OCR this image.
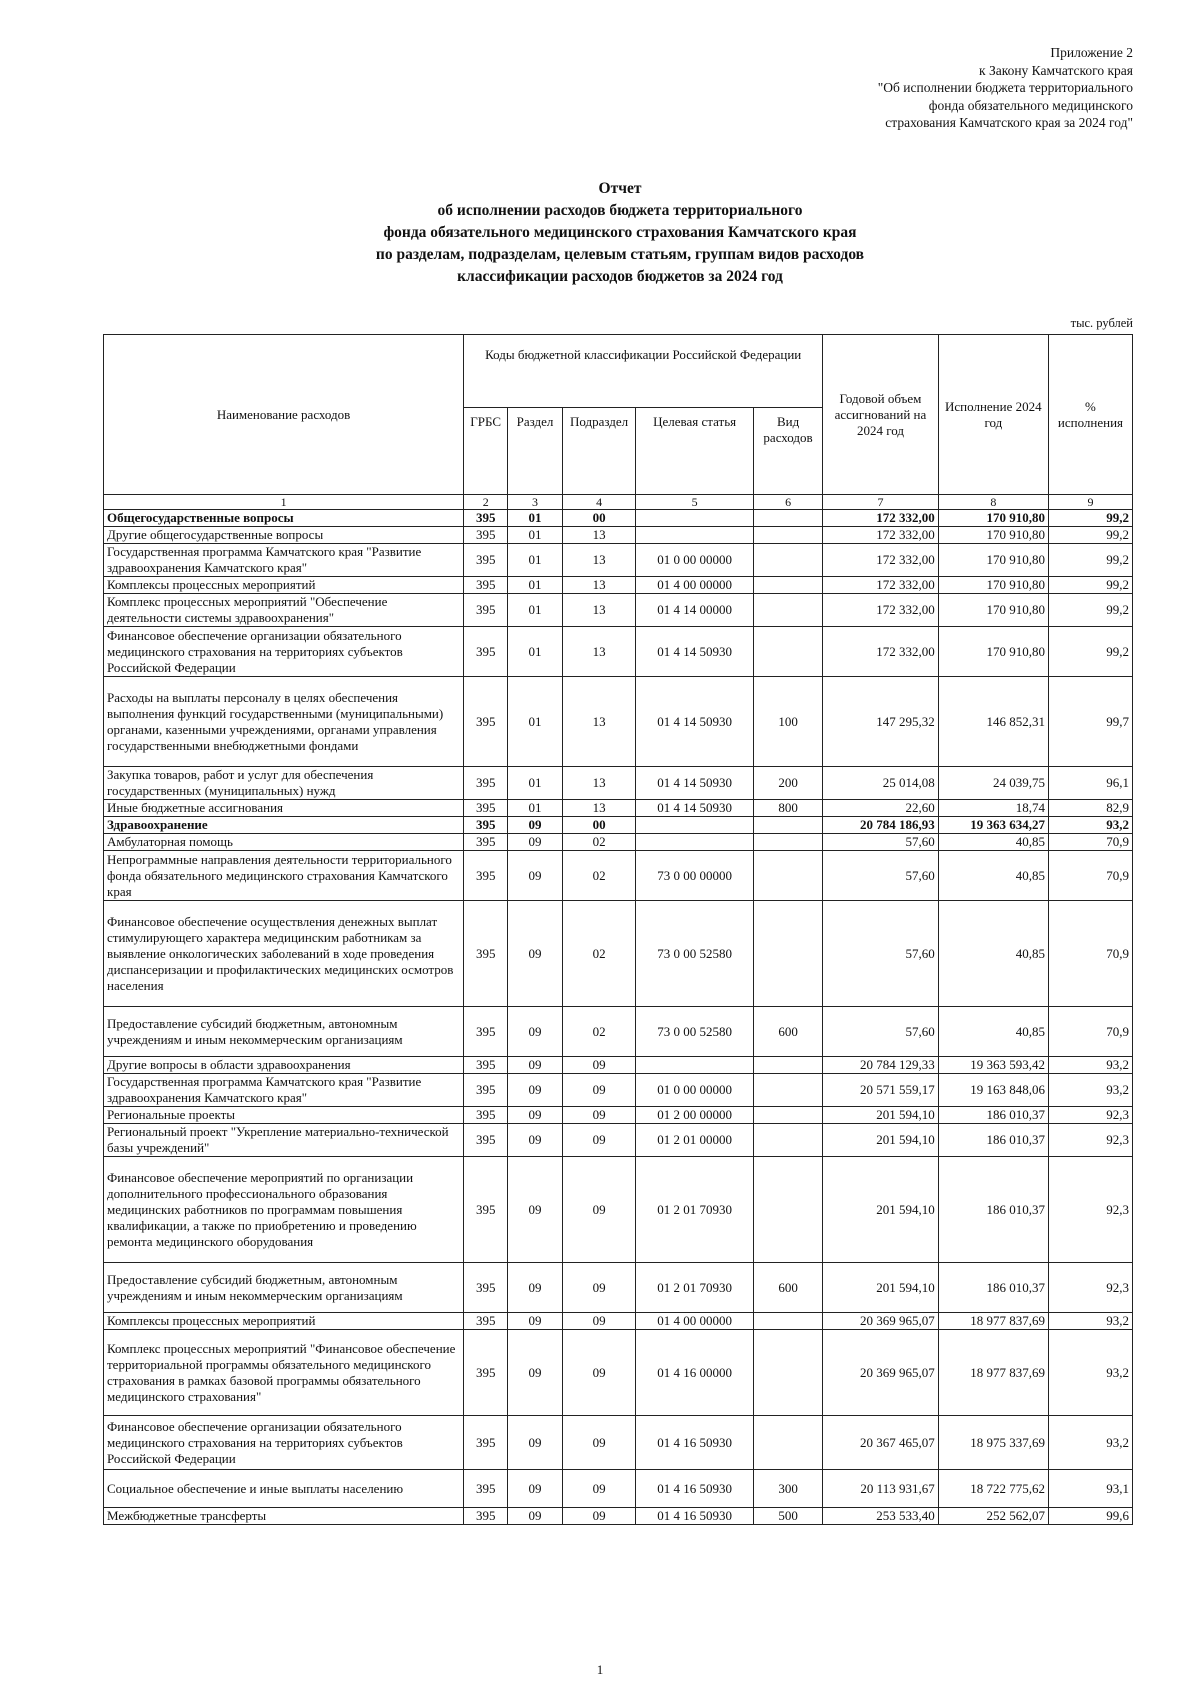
Приложение 2
к Закону Камчатского края
"Об исполнении бюджета территориального
фонда обязательного медицинского
страхования Камчатского края за 2024 год"
Отчет
об исполнении расходов бюджета территориального
фонда обязательного медицинского страхования Камчатского края
по разделам, подразделам, целевым статьям, группам видов расходов
классификации расходов бюджетов за 2024 год
тыс. рублей
Наименование расходов	Коды бюджетной классификации Российской Федерации					Годовой объем ассигнований на 2024 год	Исполнение 2024 год	% исполнения
	ГРБС	Раздел	Подраздел	Целевая статья	Вид расходов			
1	2	3	4	5	6	7	8	9
Общегосударственные вопросы	395	01	00			172 332,00	170 910,80	99,2
Другие общегосударственные вопросы	395	01	13			172 332,00	170 910,80	99,2
Государственная программа Камчатского края "Развитие здравоохранения Камчатского края"	395	01	13	01 0 00 00000		172 332,00	170 910,80	99,2
Комплексы процессных мероприятий	395	01	13	01 4 00 00000		172 332,00	170 910,80	99,2
Комплекс процессных мероприятий "Обеспечение деятельности системы здравоохранения"	395	01	13	01 4 14 00000		172 332,00	170 910,80	99,2
Финансовое обеспечение организации обязательного медицинского страхования на территориях субъектов Российской Федерации	395	01	13	01 4 14 50930		172 332,00	170 910,80	99,2
Расходы на выплаты персоналу в целях обеспечения выполнения функций государственными (муниципальными) органами, казенными учреждениями, органами управления государственными внебюджетными фондами	395	01	13	01 4 14 50930	100	147 295,32	146 852,31	99,7
Закупка товаров, работ и услуг для обеспечения государственных (муниципальных) нужд	395	01	13	01 4 14 50930	200	25 014,08	24 039,75	96,1
Иные бюджетные ассигнования	395	01	13	01 4 14 50930	800	22,60	18,74	82,9
Здравоохранение	395	09	00			20 784 186,93	19 363 634,27	93,2
Амбулаторная помощь	395	09	02			57,60	40,85	70,9
Непрограммные направления деятельности территориального фонда обязательного медицинского страхования Камчатского края	395	09	02	73 0 00 00000		57,60	40,85	70,9
Финансовое обеспечение осуществления денежных выплат стимулирующего характера медицинским работникам за выявление онкологических заболеваний в ходе проведения диспансеризации и профилактических медицинских осмотров населения	395	09	02	73 0 00 52580		57,60	40,85	70,9
Предоставление субсидий бюджетным, автономным учреждениям и иным некоммерческим организациям	395	09	02	73 0 00 52580	600	57,60	40,85	70,9
Другие вопросы в области здравоохранения	395	09	09			20 784 129,33	19 363 593,42	93,2
Государственная программа Камчатского края "Развитие здравоохранения Камчатского края"	395	09	09	01 0 00 00000		20 571 559,17	19 163 848,06	93,2
Региональные проекты	395	09	09	01 2 00 00000		201 594,10	186 010,37	92,3
Региональный проект "Укрепление материально-технической базы учреждений"	395	09	09	01 2 01 00000		201 594,10	186 010,37	92,3
Финансовое обеспечение мероприятий по организации дополнительного профессионального образования медицинских работников по программам повышения квалификации, а также по приобретению и проведению ремонта медицинского оборудования	395	09	09	01 2 01 70930		201 594,10	186 010,37	92,3
Предоставление субсидий бюджетным, автономным учреждениям и иным некоммерческим организациям	395	09	09	01 2 01 70930	600	201 594,10	186 010,37	92,3
Комплексы процессных мероприятий	395	09	09	01 4 00 00000		20 369 965,07	18 977 837,69	93,2
Комплекс процессных мероприятий "Финансовое обеспечение территориальной программы обязательного медицинского страхования в рамках базовой программы обязательного медицинского страхования"	395	09	09	01 4 16 00000		20 369 965,07	18 977 837,69	93,2
Финансовое обеспечение организации обязательного медицинского страхования на территориях субъектов Российской Федерации	395	09	09	01 4 16 50930		20 367 465,07	18 975 337,69	93,2
Социальное обеспечение и иные выплаты населению	395	09	09	01 4 16 50930	300	20 113 931,67	18 722 775,62	93,1
Межбюджетные трансферты	395	09	09	01 4 16 50930	500	253 533,40	252 562,07	99,6
1
